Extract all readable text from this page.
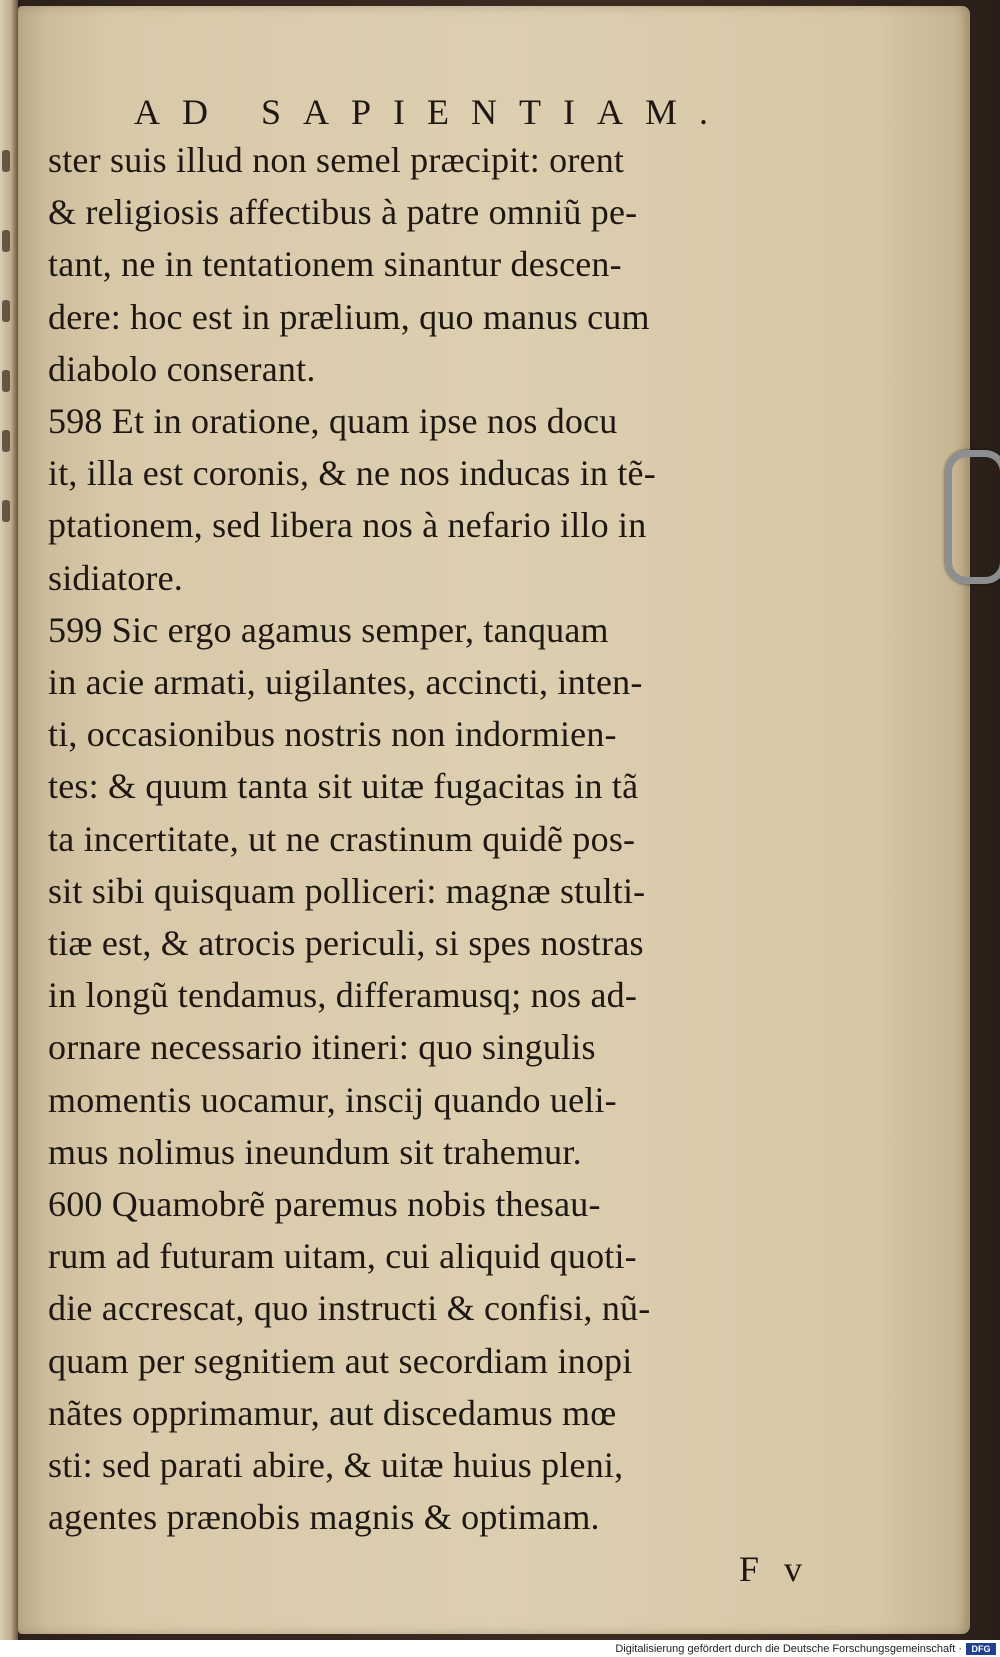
AD SAPIENTIAM.
ster suis illud non semel præcipit: orent
& religiosis affectibus à patre omniũ pe-
tant, ne in tentationem sinantur descen-
dere: hoc est in prælium, quo manus cum
diabolo conserant.
598 Et in oratione, quam ipse nos docu
it, illa est coronis, & ne nos inducas in tẽ-
ptationem, sed libera nos à nefario illo in
sidiatore.
599 Sic ergo agamus semper, tanquam
in acie armati, uigilantes, accincti, inten-
ti, occasionibus nostris non indormien-
tes: & quum tanta sit uitæ fugacitas in tã
ta incertitate, ut ne crastinum quidẽ pos-
sit sibi quisquam polliceri: magnæ stulti-
tiæ est, & atrocis periculi, si spes nostras
in longũ tendamus, differamusq; nos ad-
ornare necessario itineri: quo singulis
momentis uocamur, inscij quando ueli-
mus nolimus ineundum sit trahemur.
600 Quamobrẽ paremus nobis thesau-
rum ad futuram uitam, cui aliquid quoti-
die accrescat, quo instructi & confisi, nũ-
quam per segnitiem aut secordiam inopi
nãtes opprimamur, aut discedamus mœ
sti: sed parati abire, & uitæ huius pleni,
agentes prænobis magnis & optimam.
F v
Digitalisierung gefördert durch die Deutsche Forschungsgemeinschaft ·	DFG
